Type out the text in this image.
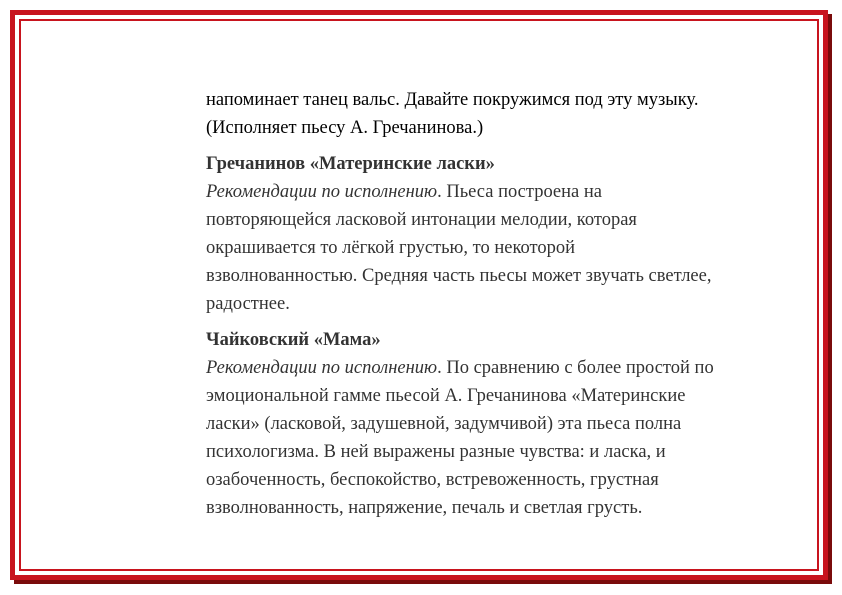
напоминает танец вальс. Давайте покружимся под эту музыку. (Исполняет пьесу А. Гречанинова.)

Гречанинов «Материнские ласки»

Рекомендации по исполнению. Пьеса построена на повторяющейся ласковой интонации мелодии, которая окрашивается то лёгкой грустью, то некоторой взволнованностью. Средняя часть пьесы может звучать светлее, радостнее.

Чайковский «Мама»

Рекомендации по исполнению. По сравнению с более простой по эмоциональной гамме пьесой А. Гречанинова «Материнские ласки» (ласковой, задушевной, задумчивой) эта пьеса полна психологизма. В ней выражены разные чувства: и ласка, и озабоченность, беспокойство, встревоженность, грустная взволнованность, напряжение, печаль и светлая грусть.
